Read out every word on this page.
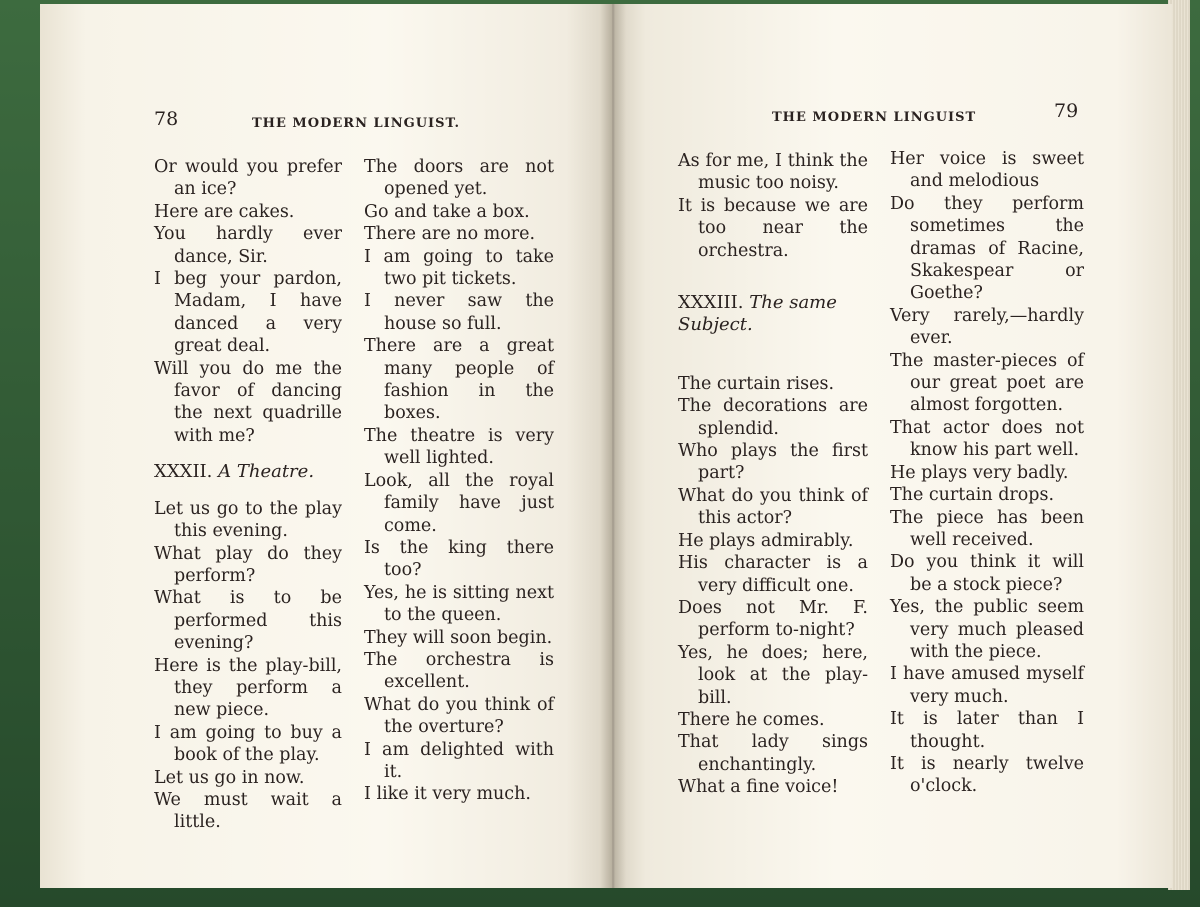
78	THE MODERN LINGUIST.

Or would you prefer an ice?

Here are cakes.

You hardly ever dance, Sir.

I beg your pardon, Madam, I have danced a very great deal.

Will you do me the favor of dancing the next quadrille with me?

XXXII. A Theatre.

Let us go to the play this evening.

What play do they perform?

What is to be performed this evening?

Here is the play-bill, they perform a new piece.

I am going to buy a book of the play.

Let us go in now.

We must wait a little.

The doors are not opened yet.

Go and take a box.

There are no more.

I am going to take two pit tickets.

I never saw the house so full.

There are a great many people of fashion in the boxes.

The theatre is very well lighted.

Look, all the royal family have just come.

Is the king there too?

Yes, he is sitting next to the queen.

They will soon begin.

The orchestra is excellent.

What do you think of the overture?

I am delighted with it.

I like it very much.

79
THE MODERN LINGUIST

As for me, I think the music too noisy.

It is because we are too near the orchestra.

XXXIII. The same Subject.

The curtain rises.

The decorations are splendid.

Who plays the first part?

What do you think of this actor?

He plays admirably.

His character is a very difficult one.

Does not Mr. F. perform to-night?

Yes, he does; here, look at the play-bill.

There he comes.

That lady sings enchantingly.

What a fine voice!

Her voice is sweet and melodious

Do they perform sometimes the dramas of Racine, Skakespear or Goethe?

Very rarely,—hardly ever.

The master-pieces of our great poet are almost forgotten.

That actor does not know his part well.

He plays very badly.

The curtain drops.

The piece has been well received.

Do you think it will be a stock piece?

Yes, the public seem very much pleased with the piece.

I have amused myself very much.

It is later than I thought.

It is nearly twelve o'clock.
